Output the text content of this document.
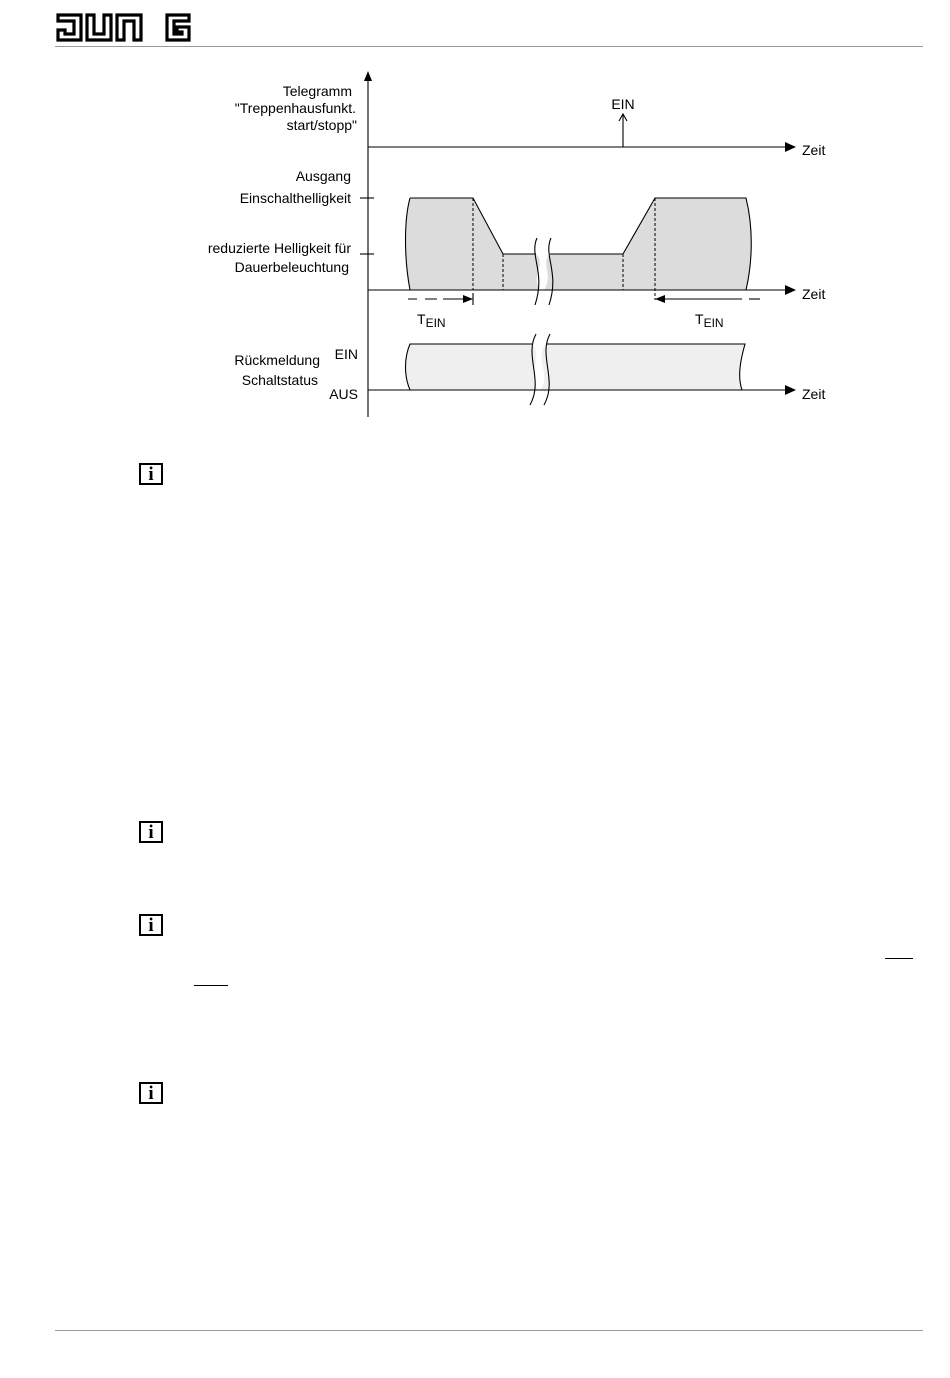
Telegramm
"Treppenhausfunkt.
start/stopp"
EIN
Ausgang
Einschalthelligkeit
reduzierte Helligkeit für
Dauerbeleuchtung
Rückmeldung
Schaltstatus
EIN
AUS
Zeit
Zeit
Zeit
TEIN	TEIN
i
i
i
i
